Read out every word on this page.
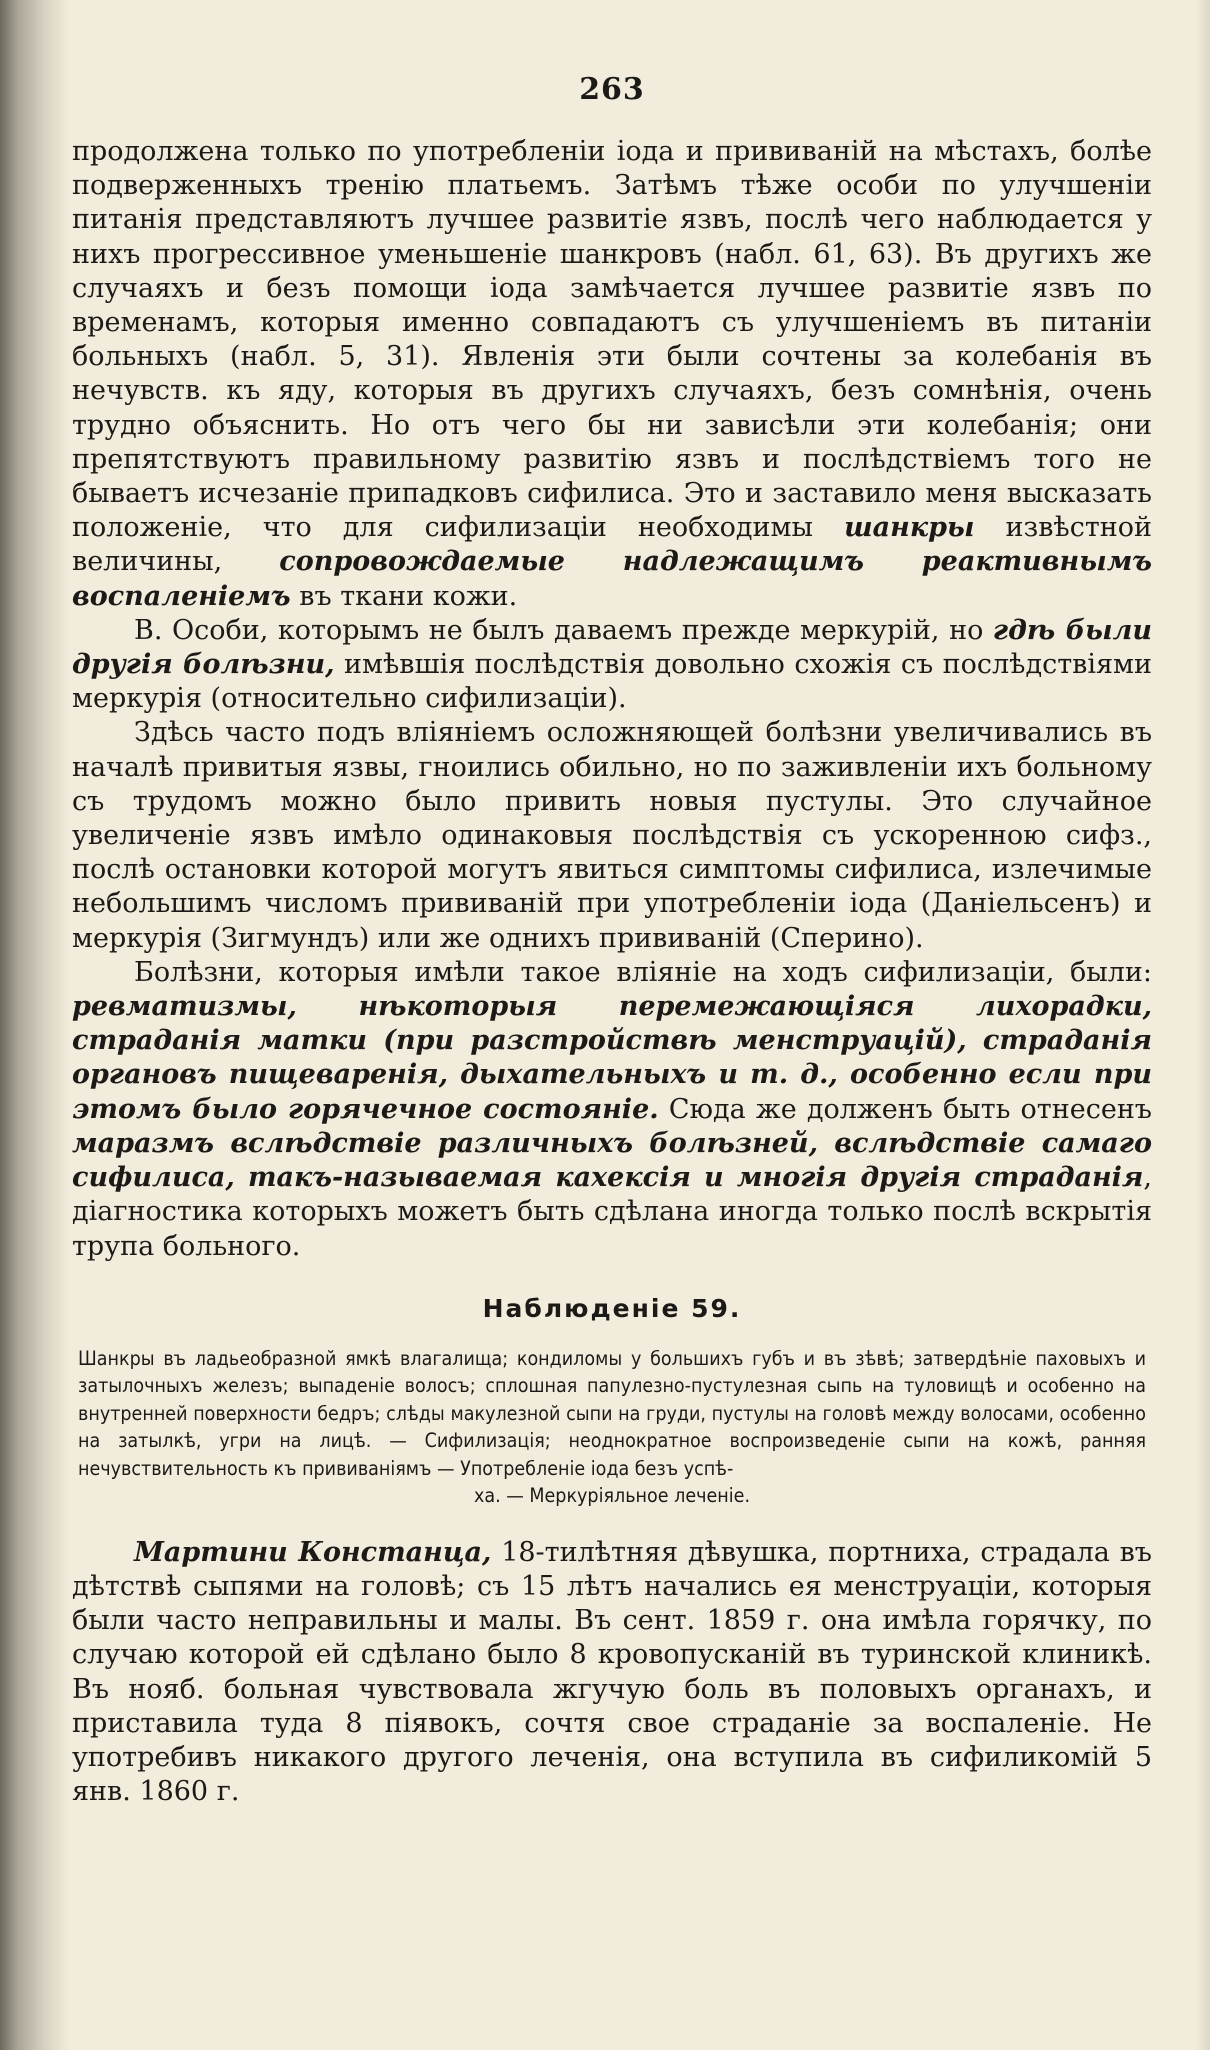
263

продолжена только по употребленiи iода и прививанiй на мѣстахъ, болѣе подверженныхъ тренiю платьемъ. Затѣмъ тѣже особи по улучшенiи питанiя представляютъ лучшее развитiе язвъ, послѣ чего наблюдается у нихъ прогрессивное уменьшенiе шанкровъ (набл. 61, 63). Въ другихъ же случаяхъ и безъ помощи iода замѣчается лучшее развитiе язвъ по временамъ, которыя именно совпадаютъ съ улучшенiемъ въ питанiи больныхъ (набл. 5, 31). Явленiя эти были сочтены за колебанiя въ нечувств. къ яду, которыя въ другихъ случаяхъ, безъ сомнѣнiя, очень трудно объяснить. Но отъ чего бы ни зависѣли эти колебанiя; они препятствуютъ правильному развитiю язвъ и послѣдствiемъ того не бываетъ исчезанiе припадковъ сифилиса. Это и заставило меня высказать положенiе, что для сифилизацiи необходимы шанкры извѣстной величины, сопровождаемые надлежащимъ реактивнымъ воспаленiемъ въ ткани кожи.

В. Особи, которымъ не былъ даваемъ прежде меркурiй, но гдѣ были другiя болѣзни, имѣвшiя послѣдствiя довольно схожiя съ послѣдствiями меркурiя (относительно сифилизацiи).

Здѣсь часто подъ влiянiемъ осложняющей болѣзни увеличивались въ началѣ привитыя язвы, гноились обильно, но по заживленiи ихъ больному съ трудомъ можно было привить новыя пустулы. Это случайное увеличенiе язвъ имѣло одинаковыя послѣдствiя съ ускоренною сифз., послѣ остановки которой могутъ явиться симптомы сифилиса, излечимые небольшимъ числомъ прививанiй при употребленiи iода (Данiельсенъ) и меркурiя (Зигмундъ) или же однихъ прививанiй (Сперино).

Болѣзни, которыя имѣли такое влiянiе на ходъ сифилизацiи, были: ревматизмы, нѣкоторыя перемежающiяся лихорадки, страданiя матки (при разстройствѣ менструацiй), страданiя органовъ пищеваренiя, дыхательныхъ и т. д., особенно если при этомъ было горячечное состоянiе. Сюда же долженъ быть отнесенъ маразмъ вслѣдствiе различныхъ болѣзней, вслѣдствiе самаго сифилиса, такъ-называемая кахексiя и многiя другiя страданiя, дiагностика которыхъ можетъ быть сдѣлана иногда только послѣ вскрытiя трупа больного.

Наблюденiе 59.
Шанкры въ ладьеобразной ямкѣ влагалища; кондиломы у большихъ губъ и въ зѣвѣ; затвердѣнiе паховыхъ и затылочныхъ железъ; выпаденiе волосъ; сплошная папулезно-пустулезная сыпь на туловищѣ и особенно на внутренней поверхности бедръ; слѣды макулезной сыпи на груди, пустулы на головѣ между волосами, особенно на затылкѣ, угри на лицѣ. — Сифилизацiя; неоднократное воспроизведенiе сыпи на кожѣ, ранняя нечувствительность къ прививанiямъ — Употребленiе iода безъ успѣ-
ха. — Меркурiяльное леченiе.

Мартини Констанца, 18-тилѣтняя дѣвушка, портниха, страдала въ дѣтствѣ сыпями на головѣ; съ 15 лѣтъ начались ея менструацiи, которыя были часто неправильны и малы. Въ сент. 1859 г. она имѣла горячку, по случаю которой ей сдѣлано было 8 кровопусканiй въ туринской клиникѣ. Въ нояб. больная чувствовала жгучую боль въ половыхъ органахъ, и приставила туда 8 пiявокъ, сочтя свое страданiе за воспаленiе. Не употребивъ никакого другого леченiя, она вступила въ сифиликомiй 5 янв. 1860 г.
